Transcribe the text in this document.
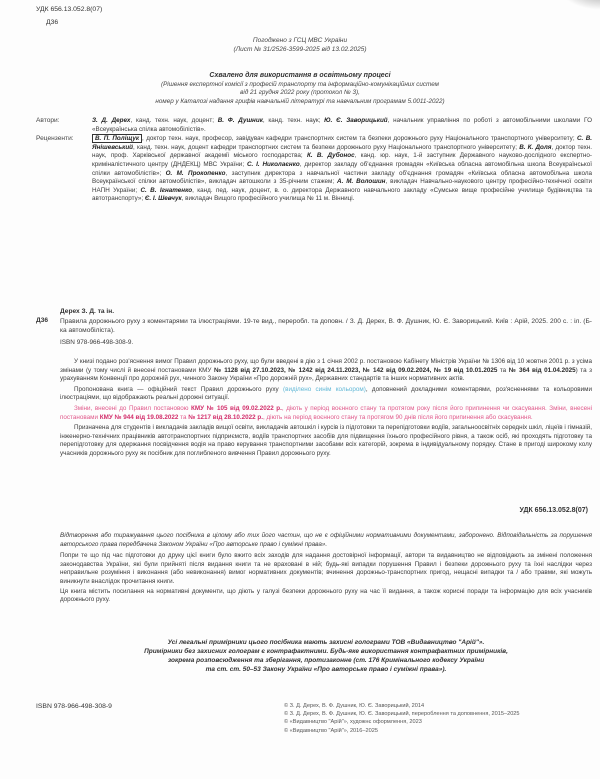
УДК 656.13.052.8(07)
Д36
Погоджено з ГСЦ МВС України
(Лист № 31/2526-3599-2025 від 13.02.2025)
Схвалено для використання в освітньому процесі
(Рішення експертної комісії з професій транспорту та інформаційно-комунікаційних систем
від 21 грудня 2022 року (протокол № 3),
номер у Каталозі надання грифів навчальній літературі та навчальним програмам 5.0011-2022)
Автори:	З. Д. Дерех, канд. техн. наук, доцент; В. Ф. Душник, канд. техн. наук; Ю. Є. Заворицький, начальник управління по роботі з автомобільними школами ГО «Всеукраїнська спілка автомобілістів».
Рецензенти:	В. П. Поліщук , доктор техн. наук, професор, завідувач кафедри транспортних систем та безпеки дорожнього руху Національного транспортного університету; С. В. Янішевський, канд. техн. наук, доцент кафедри транспортних систем та безпеки дорожнього руху Національного транспортного університету; В. К. Доля, доктор техн. наук, проф. Харківської державної академії міського господарства; К. В. Дубонос, канд. юр. наук, 1-й заступник Державного науково-дослідного експертно-криміналістичного центру (ДНДЕКЦ) МВС України; С. І. Николаєнко, директор закладу об'єднання громадян «Київська обласна автомобільна школа Всеукраїнської спілки автомобілістів»; О. М. Прокопенко, заступник директора з навчальної частини закладу об'єднання громадян «Київська обласна автомобільна школа Всеукраїнської спілки автомобілістів», викладач автошколи з 35-річним стажем; А. М. Волошин, викладач Навчально-наукового центру професійно-технічної освіти НАПН України; С. В. Ігнатенко, канд. пед. наук, доцент, в. о. директора Державного навчального закладу «Сумське вище професійне училище будівництва та автотранспорту»; Є. І. Шевчук, викладач Вищого професійного училища № 11 м. Вінниці.
Дерех З. Д. та ін.
Д36	Правила дорожнього руху з коментарями та ілюстраціями. 19-те вид., переробл. та доповн. / З. Д. Дерех, В. Ф. Душник, Ю. Є. Заворицький. Київ : Арій, 2025. 200 с. : іл. (Б-ка автомобіліста).
ISBN 978-966-498-308-9.

У книзі подано роз'яснення вимог Правил дорожнього руху, що були введені в дію з 1 січня 2002 р. постановою Кабінету Міністрів України № 1306 від 10 жовтня 2001 р. з усіма змінами (у тому числі й внесені постановами КМУ № 1128 від 27.10.2023, № 1242 від 24.11.2023, № 142 від 09.02.2024, № 19 від 10.01.2025 та № 364 від 01.04.2025) та з урахуванням Конвенції про дорожній рух, чинного Закону України «Про дорожній рух», Державних стандартів та інших нормативних актів.

Пропонована книга — офіційний текст Правил дорожнього руху (виділено синім кольором), доповнений докладними коментарями, роз'ясненнями та кольоровими ілюстраціями, що відображають реальні дорожні ситуації.

Зміни, внесені до Правил постановою КМУ № 105 від 09.02.2022 р., діють у період воєнного стану та протягом року після його припинення чи скасування. Зміни, внесені постановами КМУ № 944 від 19.08.2022 та № 1217 від 28.10.2022 р., діють на період воєнного стану та протягом 90 днів після його припинення або скасування.

Призначена для студентів і викладачів закладів вищої освіти, викладачів автошкіл і курсів із підготовки та перепідготовки водіїв, загальноосвітніх середніх шкіл, ліцеїв і гімназій, інженерно-технічних працівників автотранспортних підприємств, водіїв транспортних засобів для підвищення їхнього професійного рівня, а також осіб, які проходять підготовку та перепідготовку для одержання посвідчення водія на право керування транспортними засобами всіх категорій, зокрема в індивідуальному порядку. Стане в пригоді широкому колу учасників дорожнього руху як посібник для поглибленого вивчення Правил дорожнього руху.

УДК 656.13.052.8(07)

Відтворення або тиражування цього посібника в цілому або тих його частин, що не є офіційними нормативними документами, заборонено. Відповідальність за порушення авторського права передбачена Законом України «Про авторське право і суміжні права».

Попри те що під час підготовки до друку цієї книги було вжито всіх заходів для надання достовірної інформації, автори та видавництво не відповідають за змінені положення законодавства України, які були прийняті після видання книги та не враховані в ній; будь-які випадки порушення Правил і безпеки дорожнього руху та їхні наслідки через неправильне розуміння і виконання (або невиконання) вимог нормативних документів; вчинення дорожньо-транспортних пригод, нещасні випадки та / або травми, які можуть виникнути внаслідок прочитання книги.

Ця книга містить посилання на нормативні документи, що діють у галузі безпеки дорожнього руху на час її видання, а також корисні поради та інформацію для всіх учасників дорожнього руху.

Усі легальні примірники цього посібника мають захисні голограми ТОВ «Видавництво "Арій"».
Примірники без захисних голограм є контрафактними. Будь-яке використання контрафактних примірників,
зокрема розповсюдження та зберігання, протизаконне (ст. 176 Кримінального кодексу України
та ст. ст. 50–53 Закону України «Про авторське право і суміжні права»).
ISBN 978-966-498-308-9	© З. Д. Дерех, В. Ф. Душник, Ю. Є. Заворицький, 2014
© З. Д. Дерех, В. Ф. Душник, Ю. Є. Заворицький, перероблення та доповнення, 2015–2025
© «Видавництво "Арій"», художнє оформлення, 2023
© «Видавництво "Арій"», 2016–2025
